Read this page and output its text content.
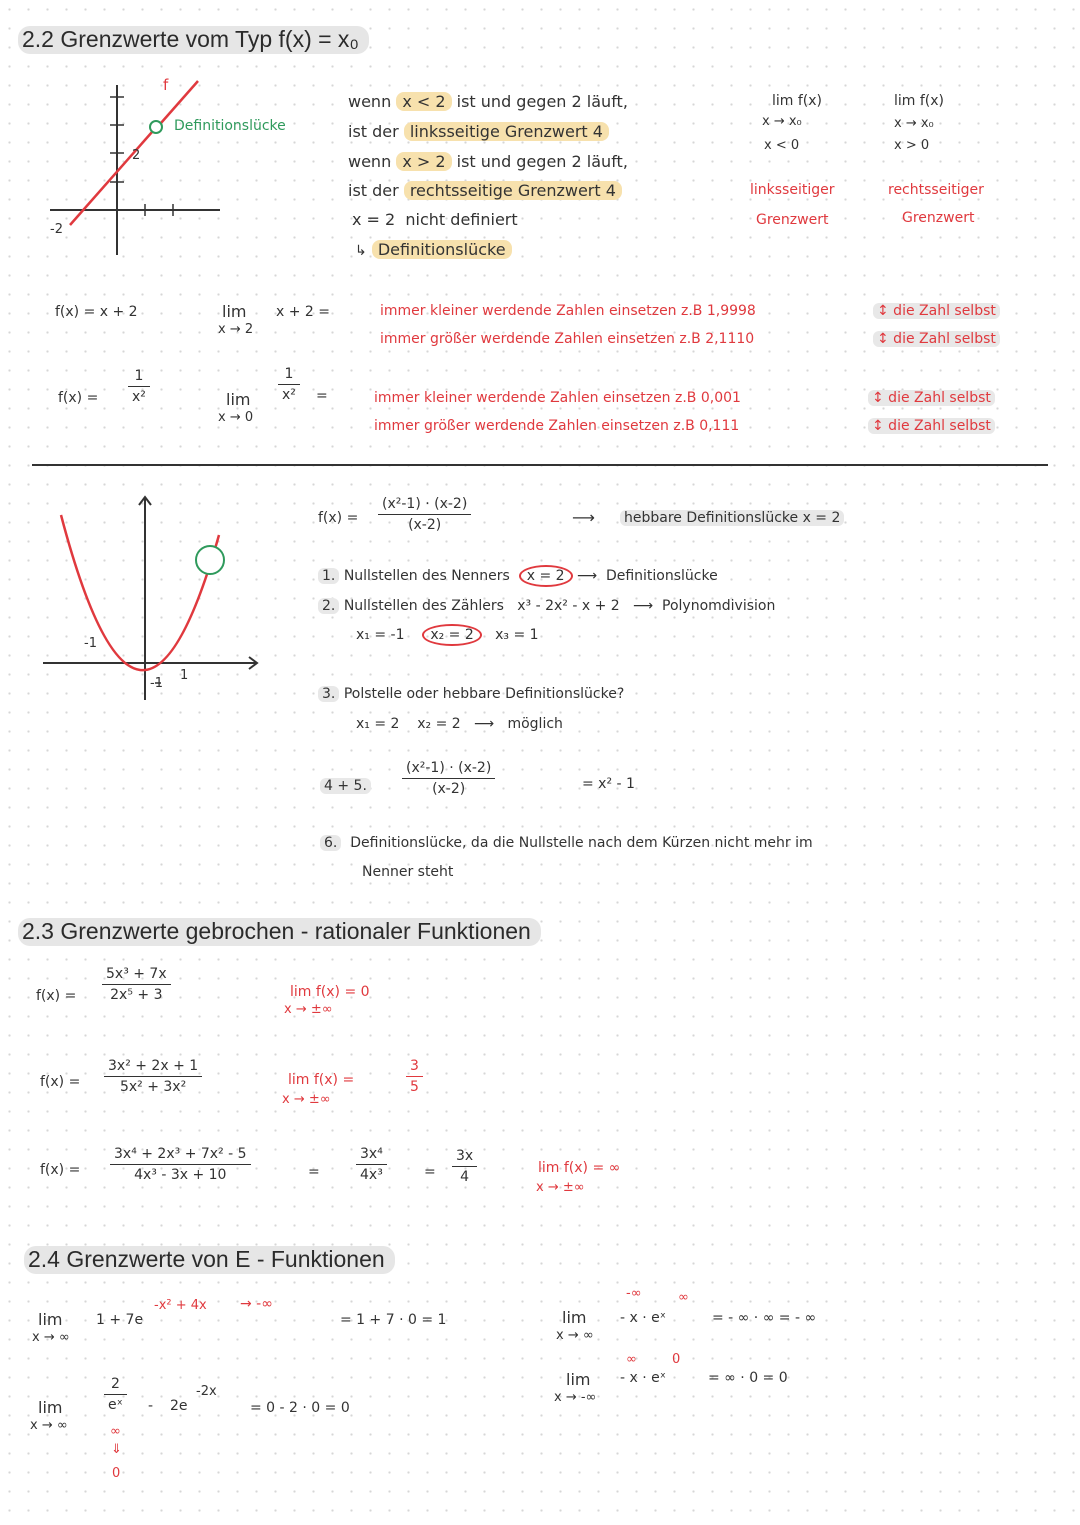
2.2 Grenzwerte vom Typ f(x) = x₀
f
Definitionslücke
2
-2
wenn x < 2 ist und gegen 2 läuft,
ist der linksseitige Grenzwert 4
wenn x > 2 ist und gegen 2 läuft,
ist der rechtsseitige Grenzwert 4
x = 2 nicht definiert
↳ Definitionslücke
lim f(x)
x → x₀
x < 0
linksseitiger
Grenzwert
lim f(x)
x → x₀
x > 0
rechtsseitiger
Grenzwert
f(x) = x + 2	lim
x → 2
x + 2 =	immer kleiner werdende Zahlen einsetzen z.B 1,9998	↕ die Zahl selbst
immer größer werdende Zahlen einsetzen z.B 2,1110	↕ die Zahl selbst
f(x) =
1
x²	lim
x → 0
1
x² =	immer kleiner werdende Zahlen einsetzen z.B 0,001	↕ die Zahl selbst
immer größer werdende Zahlen einsetzen z.B 0,111	↕ die Zahl selbst
-1
1
-1
f(x) =
(x²-1) · (x-2)
(x-2)	⟶ hebbare Definitionslücke x = 2
1. Nullstellen des Nenners x = 2 ⟶  Definitionslücke
2. Nullstellen des Zählers x³ - 2x² - x + 2   ⟶  Polynomdivision
x₁ = -1 x₂ = 2 x₃ = 1
3. Polstelle oder hebbare Definitionslücke?
x₁ = 2 x₂ = 2   ⟶   möglich
4 + 5.
(x²-1) · (x-2)
(x-2)	= x² - 1
6. Definitionslücke, da die Nullstelle nach dem Kürzen nicht mehr im
Nenner steht
2.3 Grenzwerte gebrochen - rationaler Funktionen
f(x) =
5x³ + 7x
2x⁵ + 3	lim f(x) = 0
x → ±∞
f(x) =
3x² + 2x + 1
5x² + 3x²	lim f(x) =
3
5
x → ±∞
f(x) =
3x⁴ + 2x³ + 7x² - 5
4x³ - 3x + 10	=
3x⁴
4x³	=
3x
4
lim f(x) = ∞
x → ±∞
2.4 Grenzwerte von E - Funktionen
lim
x → ∞
1 + 7e
-x² + 4x → -∞
= 1 + 7 · 0 = 1
lim
x → ∞
2
eˣ
∞
⇓
0
- 2e
-2x
= 0 - 2 · 0 = 0
-∞	∞
lim
x → ∞
- x · eˣ	= - ∞ · ∞ = - ∞
∞	0
lim
x → -∞
- x · eˣ	= ∞ · 0 = 0
